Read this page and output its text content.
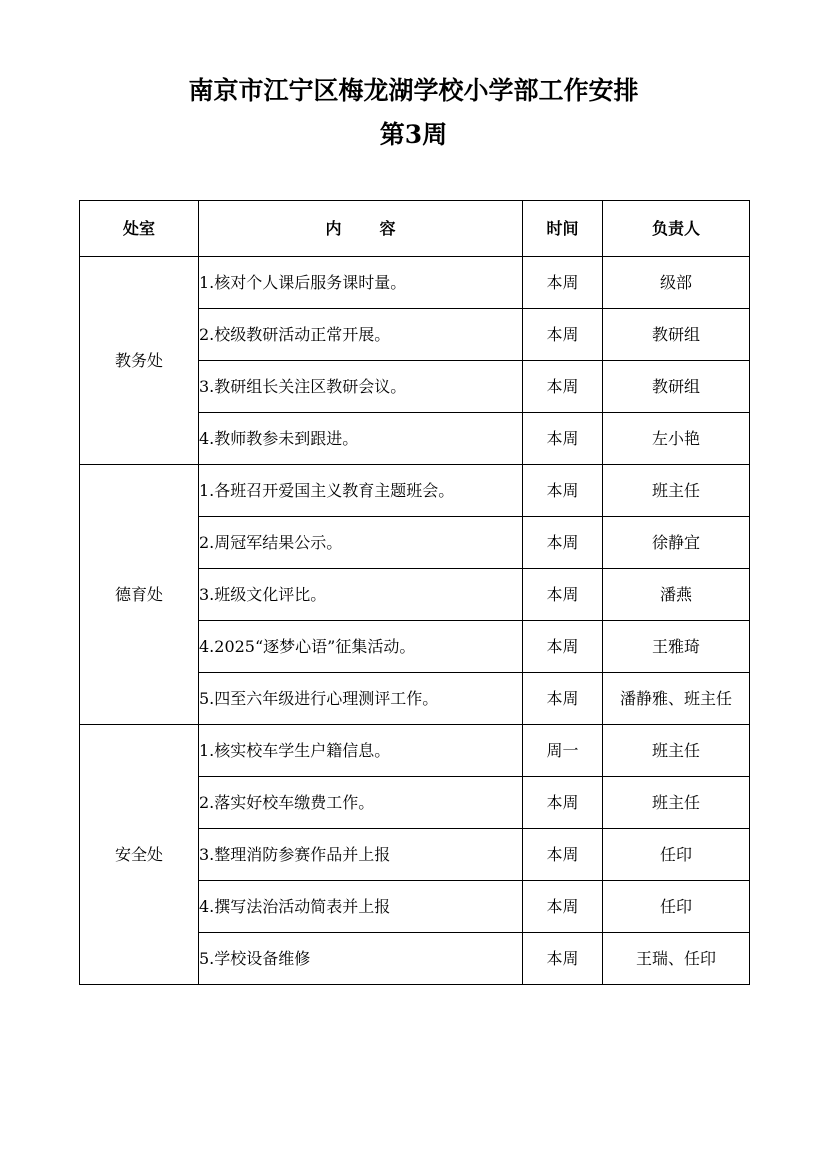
南京市江宁区梅龙湖学校小学部工作安排
第3周
处室	内 容	时间	负责人
教务处	1.核对个人课后服务课时量。	本周	级部
	2.校级教研活动正常开展。	本周	教研组
	3.教研组长关注区教研会议。	本周	教研组
	4.教师教参未到跟进。	本周	左小艳
德育处	1.各班召开爱国主义教育主题班会。	本周	班主任
	2.周冠军结果公示。	本周	徐静宜
	3.班级文化评比。	本周	潘燕
	4.2025“逐梦心语”征集活动。	本周	王雅琦
	5.四至六年级进行心理测评工作。	本周	潘静雅、班主任
安全处	1.核实校车学生户籍信息。	周一	班主任
	2.落实好校车缴费工作。	本周	班主任
	3.整理消防参赛作品并上报	本周	任印
	4.撰写法治活动简表并上报	本周	任印
	5.学校设备维修	本周	王瑞、任印
